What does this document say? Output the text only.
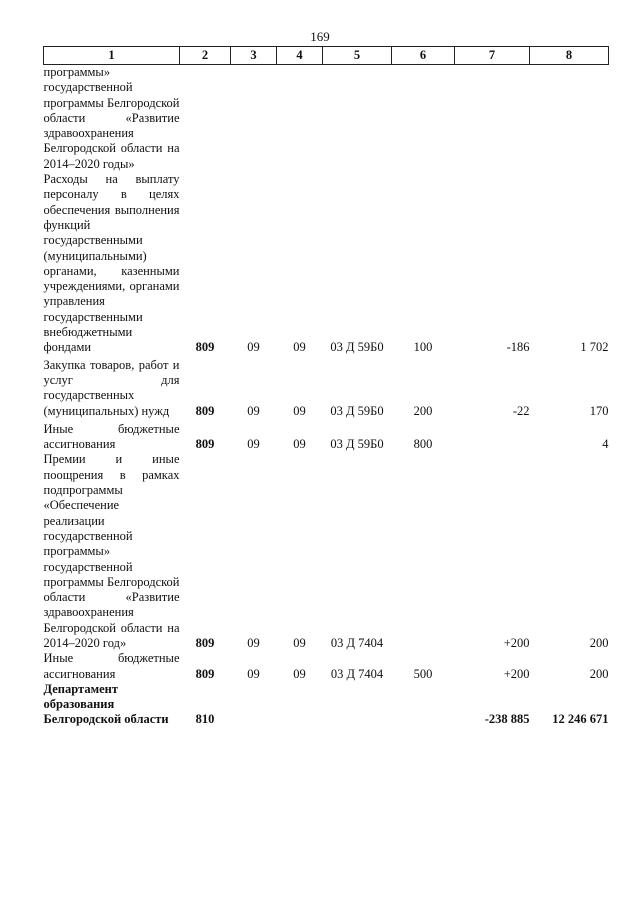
169
1	2	3	4	5	6	7	8
программы» государственной программы Белгородской области «Развитие здравоохранения Белгородской области на 2014–2020 годы»							
Расходы на выплату персоналу в целях обеспечения выполнения функций государственными (муниципальными) органами, казенными учреждениями, органами управления государственными внебюджетными фондами	809	09	09	03 Д 59Б0	100	-186	1 702
Закупка товаров, работ и услуг для государственных (муниципальных) нужд	809	09	09	03 Д 59Б0	200	-22	170
Иные бюджетные ассигнования	809	09	09	03 Д 59Б0	800		4
Премии и иные поощрения в рамках подпрограммы «Обеспечение реализации государственной программы» государственной программы Белгородской области «Развитие здравоохранения Белгородской области на 2014–2020 год»	809	09	09	03 Д 7404		+200	200
Иные бюджетные ассигнования	809	09	09	03 Д 7404	500	+200	200
Департамент образования Белгородской области	810					-238 885	12 246 671
